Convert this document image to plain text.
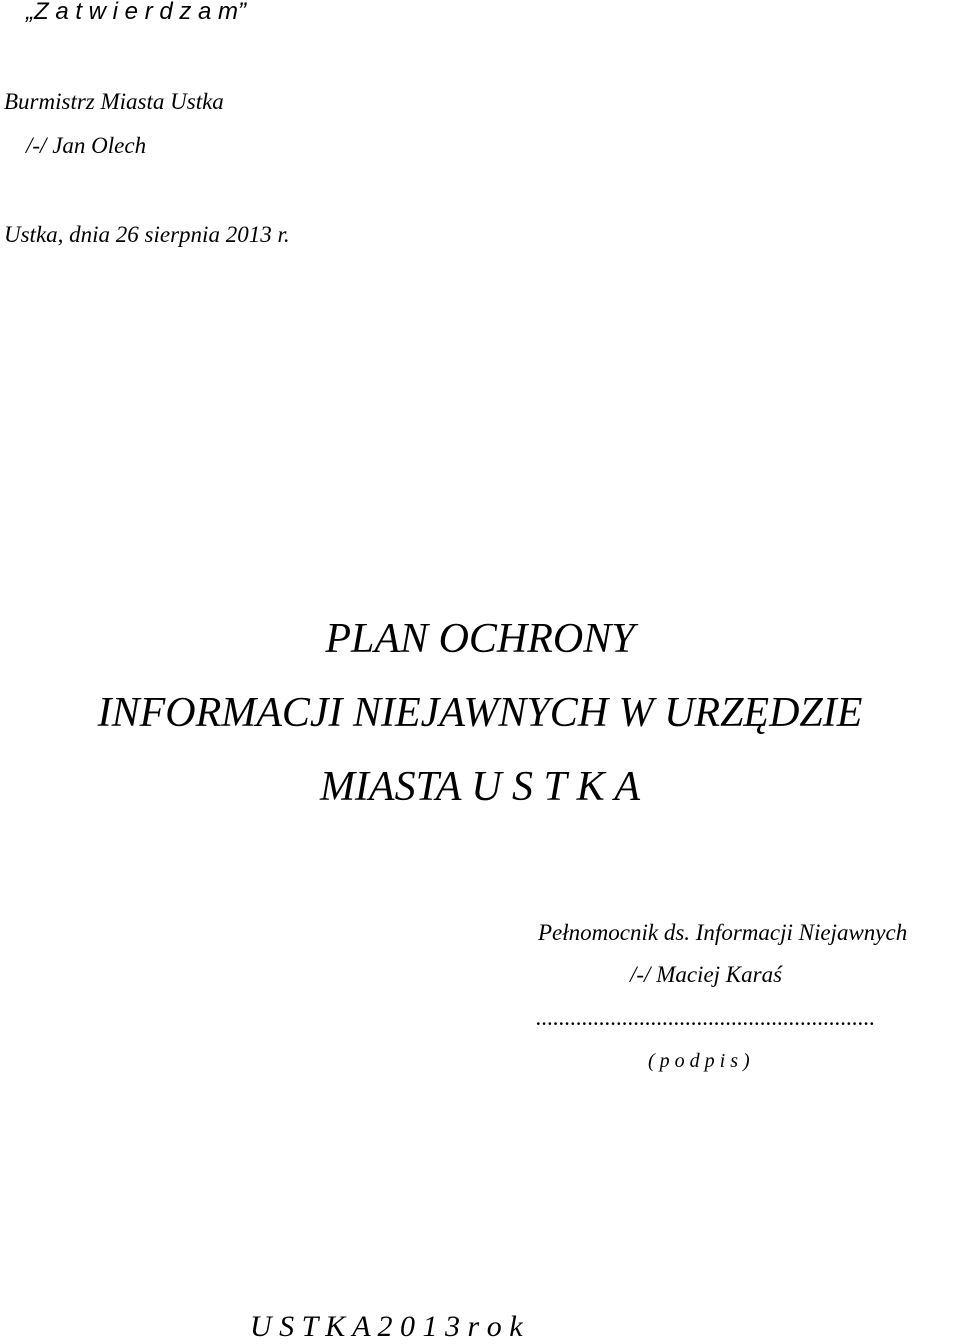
„Z a t w i e r d z a m”

Burmistrz Miasta Ustka

/-/ Jan Olech

Ustka, dnia 26 sierpnia 2013 r.

PLAN OCHRONY
INFORMACJI NIEJAWNYCH W URZĘDZIE
MIASTA U S T K A

Pełnomocnik ds. Informacji Niejawnych

/-/ Maciej Karaś

...........................................................

( p o d p i s )

U S T K A 2 0 1 3 r o k
